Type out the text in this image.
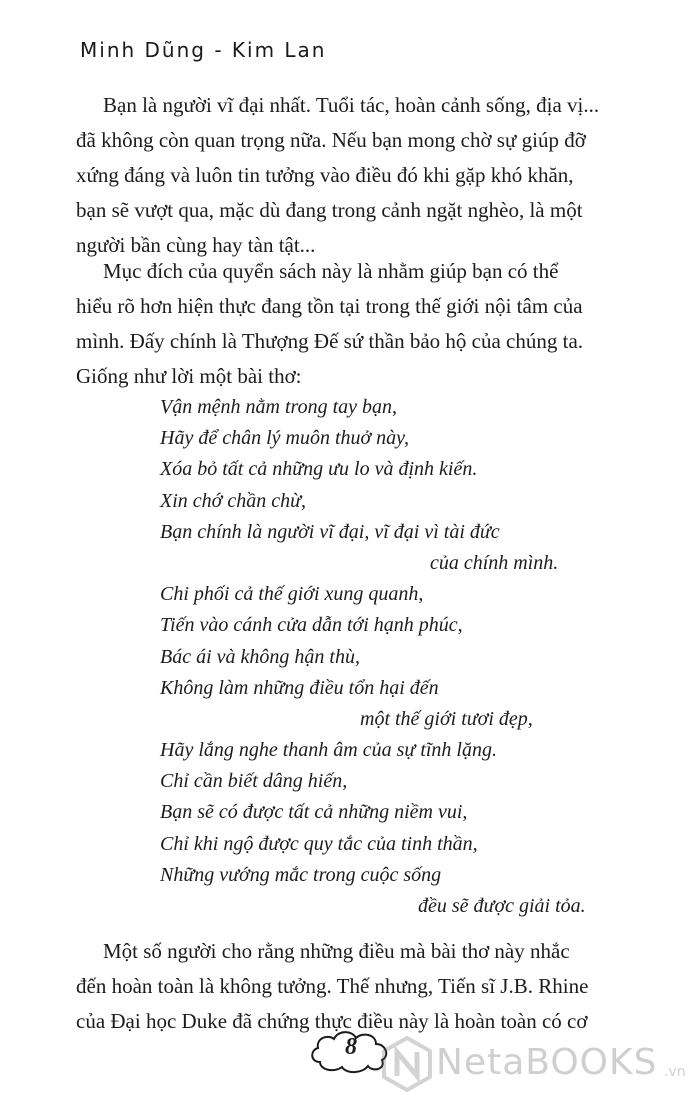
Minh Dũng - Kim Lan

Bạn là người vĩ đại nhất. Tuổi tác, hoàn cảnh sống, địa vị...
đã không còn quan trọng nữa. Nếu bạn mong chờ sự giúp đỡ
xứng đáng và luôn tin tưởng vào điều đó khi gặp khó khăn,
bạn sẽ vượt qua, mặc dù đang trong cảnh ngặt nghèo, là một
người bần cùng hay tàn tật...

Mục đích của quyển sách này là nhằm giúp bạn có thể
hiểu rõ hơn hiện thực đang tồn tại trong thế giới nội tâm của
mình. Đấy chính là Thượng Đế sứ thần bảo hộ của chúng ta.
Giống như lời một bài thơ:

Vận mệnh nằm trong tay bạn,
Hãy để chân lý muôn thuở này,
Xóa bỏ tất cả những ưu lo và định kiến.
Xin chớ chần chừ,
Bạn chính là người vĩ đại, vĩ đại vì tài đức
của chính mình.
Chi phối cả thế giới xung quanh,
Tiến vào cánh cửa dẫn tới hạnh phúc,
Bác ái và không hận thù,
Không làm những điều tổn hại đến
một thế giới tươi đẹp,
Hãy lắng nghe thanh âm của sự tĩnh lặng.
Chỉ cần biết dâng hiến,
Bạn sẽ có được tất cả những niềm vui,
Chỉ khi ngộ được quy tắc của tinh thần,
Những vướng mắc trong cuộc sống
đều sẽ được giải tỏa.

Một số người cho rằng những điều mà bài thơ này nhắc
đến hoàn toàn là không tưởng. Thế nhưng, Tiến sĩ J.B. Rhine
của Đại học Duke đã chứng thực điều này là hoàn toàn có cơ

8	NetaBOOKS .vn
